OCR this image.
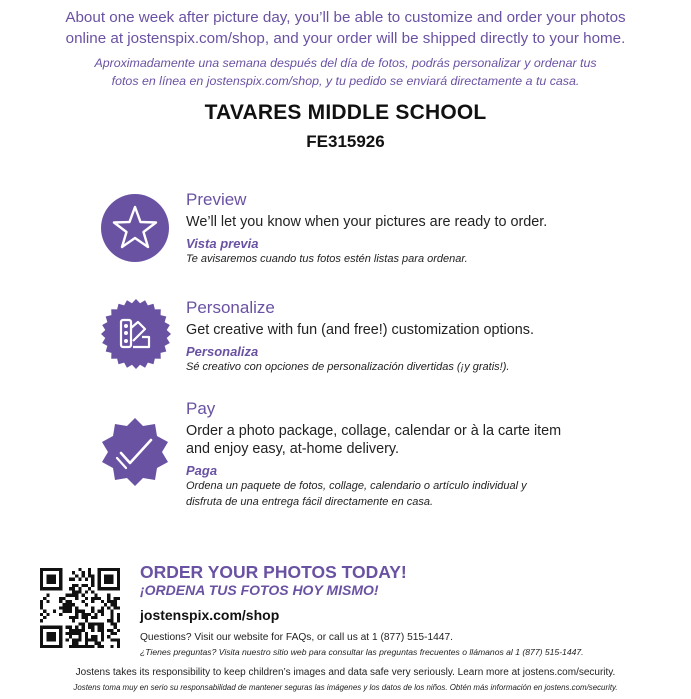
About one week after picture day, you’ll be able to customize and order your photos
online at jostenspix.com/shop, and your order will be shipped directly to your home.
Aproximadamente una semana después del día de fotos, podrás personalizar y ordenar tus
fotos en línea en jostenspix.com/shop, y tu pedido se enviará directamente a tu casa.
TAVARES MIDDLE SCHOOL
FE315926
Preview
We’ll let you know when your pictures are ready to order.
Vista previa
Te avisaremos cuando tus fotos estén listas para ordenar.
Personalize
Get creative with fun (and free!) customization options.
Personaliza
Sé creativo con opciones de personalización divertidas (¡y gratis!).
Pay
Order a photo package, collage, calendar or à la carte item
and enjoy easy, at-home delivery.
Paga
Ordena un paquete de fotos, collage, calendario o artículo individual y
disfruta de una entrega fácil directamente en casa.
ORDER YOUR PHOTOS TODAY!
¡ORDENA TUS FOTOS HOY MISMO!
jostenspix.com/shop
Questions? Visit our website for FAQs, or call us at 1 (877) 515-1447.
¿Tienes preguntas? Visita nuestro sitio web para consultar las preguntas frecuentes o llámanos al 1 (877) 515-1447.
Jostens takes its responsibility to keep children’s images and data safe very seriously. Learn more at jostens.com/security.
Jostens toma muy en serio su responsabilidad de mantener seguras las imágenes y los datos de los niños. Obtén más información en jostens.com/security.
